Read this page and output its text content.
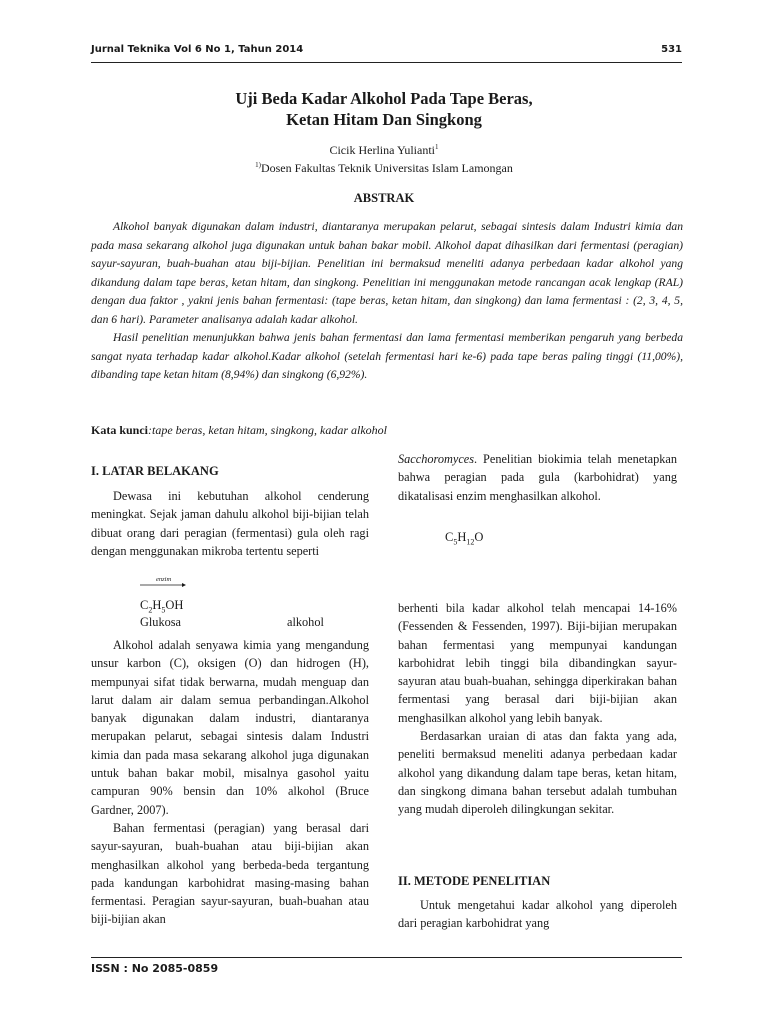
Jurnal Teknika Vol 6 No 1, Tahun 2014	531
Uji Beda Kadar Alkohol Pada Tape Beras,
Ketan Hitam Dan Singkong
Cicik Herlina Yulianti$^1$
$^{1)}$Dosen Fakultas Teknik Universitas Islam Lamongan
ABSTRAK

Alkohol banyak digunakan dalam industri, diantaranya merupakan pelarut, sebagai sintesis dalam Industri kimia dan pada masa sekarang alkohol juga digunakan untuk bahan bakar mobil. Alkohol dapat dihasilkan dari fermentasi (peragian) sayur-sayuran, buah-buahan atau biji-bijian. Penelitian ini bermaksud meneliti adanya perbedaan kadar alkohol yang dikandung dalam tape beras, ketan hitam, dan singkong. Penelitian ini menggunakan metode rancangan acak lengkap (RAL) dengan dua faktor , yakni jenis bahan fermentasi: (tape beras, ketan hitam, dan singkong) dan lama fermentasi : (2, 3, 4, 5, dan 6 hari). Parameter analisanya adalah kadar alkohol.

Hasil penelitian menunjukkan bahwa jenis bahan fermentasi dan lama fermentasi memberikan pengaruh yang berbeda sangat nyata terhadap kadar alkohol.Kadar alkohol (setelah fermentasi hari ke-6) pada tape beras paling tinggi (11,00%), dibanding tape ketan hitam (8,94%) dan singkong (6,92%).

Kata kunci:tape beras, ketan hitam, singkong, kadar alkohol
I. LATAR BELAKANG

Dewasa ini kebutuhan alkohol cenderung meningkat. Sejak jaman dahulu alkohol biji-bijian telah dibuat orang dari peragian (fermentasi) gula oleh ragi dengan menggunakan mikroba tertentu seperti

enzim
$C_2H_5OH$
Glukosa	alkohol

Alkohol adalah senyawa kimia yang mengandung unsur karbon (C), oksigen (O) dan hidrogen (H), mempunyai sifat tidak berwarna, mudah menguap dan larut dalam air dalam semua perbandingan.Alkohol banyak digunakan dalam industri, diantaranya merupakan pelarut, sebagai sintesis dalam Industri kimia dan pada masa sekarang alkohol juga digunakan untuk bahan bakar mobil, misalnya gasohol yaitu campuran 90% bensin dan 10% alkohol (Bruce Gardner, 2007).

Bahan fermentasi (peragian) yang berasal dari sayur-sayuran, buah-buahan atau biji-bijian akan menghasilkan alkohol yang berbeda-beda tergantung pada kandungan karbohidrat masing-masing bahan fermentasi. Peragian sayur-sayuran, buah-buahan atau biji-bijian akan

Sacchoromyces. Penelitian biokimia telah menetapkan bahwa peragian pada gula (karbohidrat) yang dikatalisasi enzim menghasilkan alkohol.

$C_5H_{12}O$

berhenti bila kadar alkohol telah mencapai 14-16% (Fessenden & Fessenden, 1997). Biji-bijian merupakan bahan fermentasi yang mempunyai kandungan karbohidrat lebih tinggi bila dibandingkan sayur-sayuran atau buah-buahan, sehingga diperkirakan bahan fermentasi yang berasal dari biji-bijian akan menghasilkan alkohol yang lebih banyak.

Berdasarkan uraian di atas dan fakta yang ada, peneliti bermaksud meneliti adanya perbedaan kadar alkohol yang dikandung dalam tape beras, ketan hitam, dan singkong dimana bahan tersebut adalah tumbuhan yang mudah diperoleh dilingkungan sekitar.

II. METODE PENELITIAN

Untuk mengetahui kadar alkohol yang diperoleh dari peragian karbohidrat yang

ISSN : No 2085-0859
